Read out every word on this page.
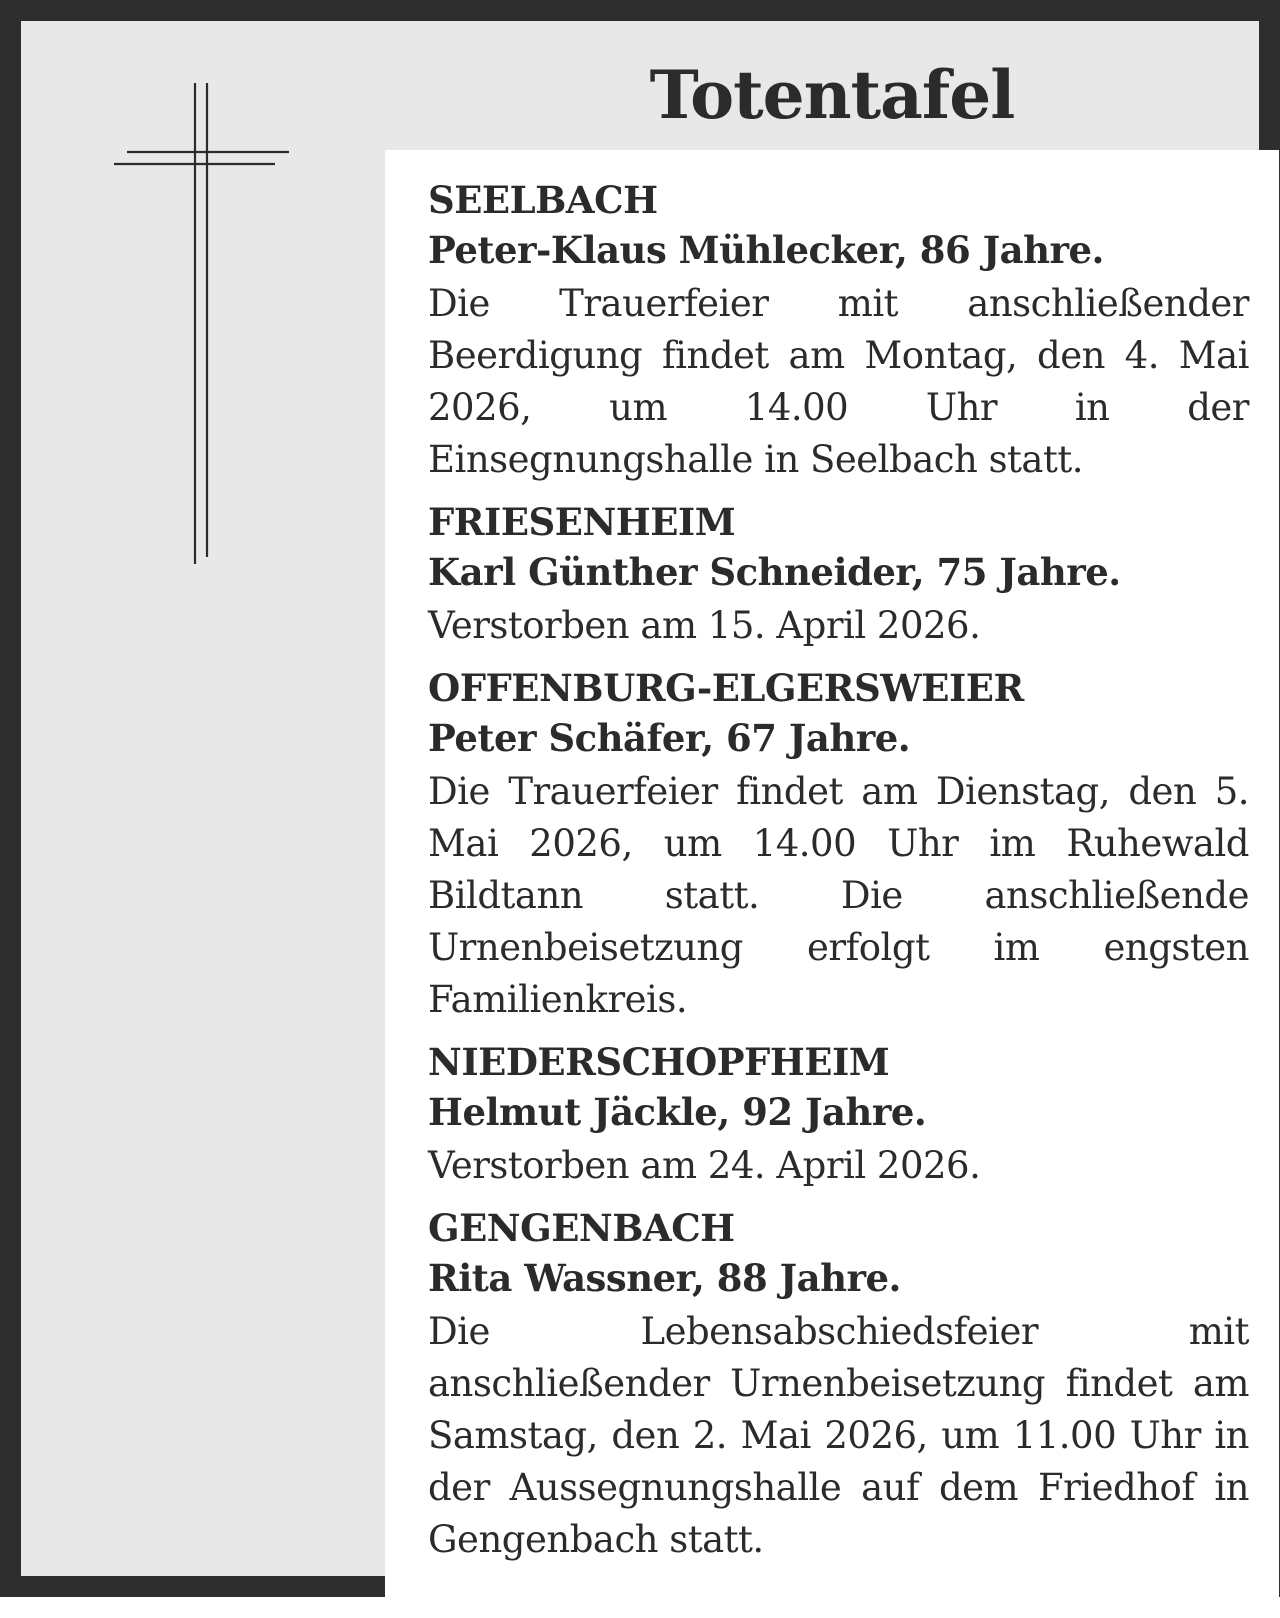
Totentafel

SEELBACH

Peter-Klaus Mühlecker, 86 Jahre.

Die Trauerfeier mit anschließender Beerdigung findet am Montag, den 4. Mai 2026, um 14.00 Uhr in der Einsegnungshalle in Seelbach statt.

FRIESENHEIM

Karl Günther Schneider, 75 Jahre.

Verstorben am 15. April 2026.

OFFENBURG-ELGERSWEIER

Peter Schäfer, 67 Jahre.

Die Trauerfeier findet am Dienstag, den 5. Mai 2026, um 14.00 Uhr im Ruhewald Bildtann statt. Die anschließende Urnenbeisetzung erfolgt im engsten Familienkreis.

NIEDERSCHOPFHEIM

Helmut Jäckle, 92 Jahre.

Verstorben am 24. April 2026.

GENGENBACH

Rita Wassner, 88 Jahre.

Die Lebensabschiedsfeier mit anschließender Urnenbeisetzung findet am Samstag, den 2. Mai 2026, um 11.00 Uhr in der Aussegnungshalle auf dem Friedhof in Gengenbach statt.
